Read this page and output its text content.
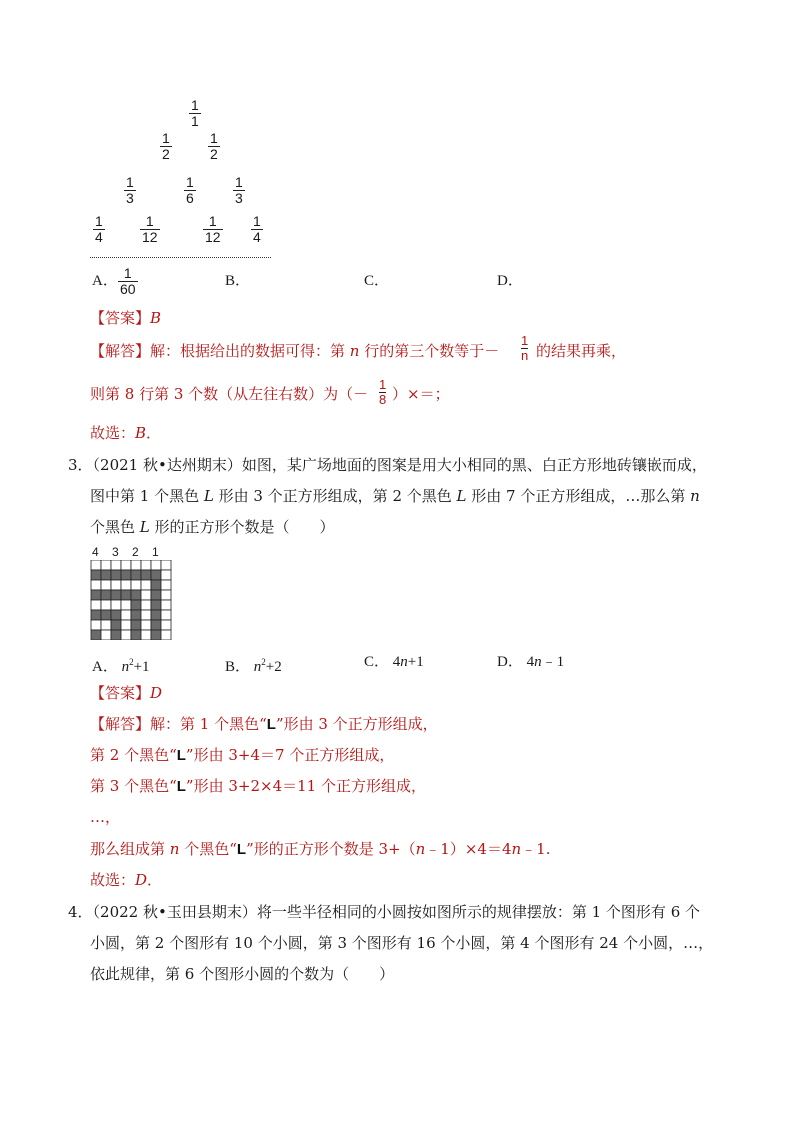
$\frac{1}{1}$
$\frac{1}{2}$	$\frac{1}{2}$
$\frac{1}{3}$	$\frac{1}{6}$	$\frac{1}{3}$
$\frac{1}{4}$	$\frac{1}{12}$	$\frac{1}{12} \frac{1}{4}$
A． $\frac{1}{60}$	B．	C．	D．
【答案】B
【解答】解：根据给出的数据可得：第 n 行的第三个数等于－ $\frac{1}{n}$ 的结果再乘，
则第 8 行第 3 个数（从左往右数）为（－ $\frac{1}{8}$ ）×＝；
故选：B．
3．（2021 秋•达州期末）如图，某广场地面的图案是用大小相同的黑、白正方形地砖镶嵌而成，
图中第 1 个黑色 L 形由 3 个正方形组成，第 2 个黑色 L 形由 7 个正方形组成，…那么第 n
个黑色 L 形的正方形个数是（　　）
4 3 2 1
A． $n^2+1$	B． $n^2+2$	C． 4n+1	D． 4n﹣1
【答案】D
【解答】解：第 1 个黑色“L”形由 3 个正方形组成，
第 2 个黑色“L”形由 3+4＝7 个正方形组成，
第 3 个黑色“L”形由 3+2×4＝11 个正方形组成，
…，
那么组成第 n 个黑色“L”形的正方形个数是 3+（n﹣1）×4＝4n﹣1.
故选：D．
4．（2022 秋•玉田县期末）将一些半径相同的小圆按如图所示的规律摆放：第 1 个图形有 6 个
小圆，第 2 个图形有 10 个小圆，第 3 个图形有 16 个小圆，第 4 个图形有 24 个小圆，…，
依此规律，第 6 个图形小圆的个数为（　　）
